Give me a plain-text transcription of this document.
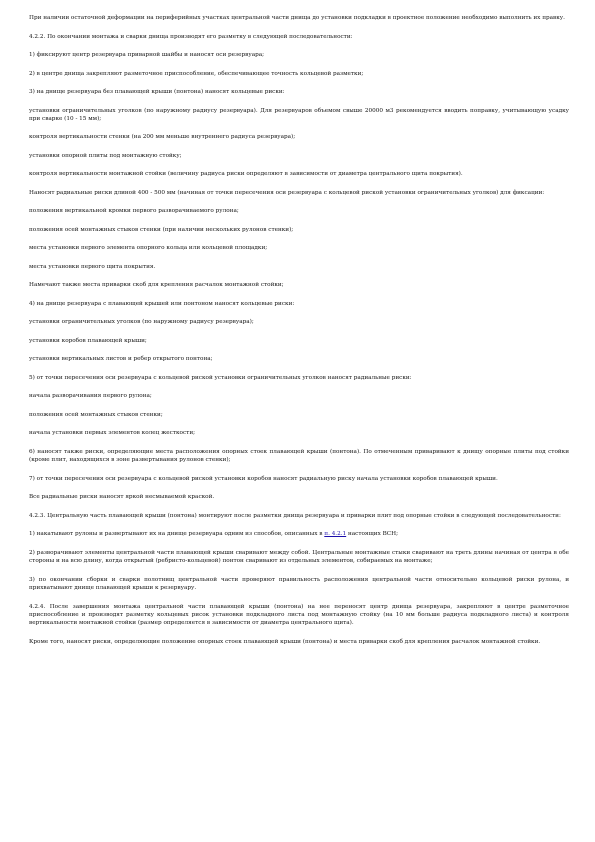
При наличии остаточной деформации на периферийных участках центральной части днища до установки подкладки в проектное положение необходимо выполнить их правку.

4.2.2. По окончании монтажа и сварки днища производят его разметку в следующей последовательности:

1) фиксируют центр резервуара приварной шайбы и наносят оси резервуара;

2) в центре днища закрепляют разметочное приспособление, обеспечивающее точность кольцевой разметки;

3) на днище резервуара без плавающей крыши (понтона) наносят кольцевые риски:

установки ограничительных уголков (по наружному радиусу резервуара). Для резервуаров объемом свыше 20000 м3 рекомендуется вводить поправку, учитывающую усадку при сварке (10 - 15 мм);

контроля вертикальности стенки (на 200 мм меньше внутреннего радиуса резервуара);

установки опорной плиты под монтажную стойку;

контроля вертикальности монтажной стойки (величину радиуса риски определяют в зависимости от диаметра центрального щита покрытия).

Наносят радиальные риски длиной 400 - 500 мм (начиная от точки пересечения оси резервуара с кольцевой риской установки ограничительных уголков) для фиксации:

положения вертикальной кромки первого разворачиваемого рулона;

положения осей монтажных стыков стенки (при наличии нескольких рулонов стенки);

места установки первого элемента опорного кольца или кольцевой площадки;

места установки первого щита покрытия.

Намечают также места приварки скоб для крепления расчалок монтажной стойки;

4) на днище резервуара с плавающей крышей или понтоном наносят кольцевые риски:

установки ограничительных уголков (по наружному радиусу резервуара);

установки коробов плавающей крыши;

установки вертикальных листов и ребер открытого понтона;

5) от точки пересечения оси резервуара с кольцевой риской установки ограничительных уголков наносят радиальные риски:

начала разворачивания первого рулона;

положения осей монтажных стыков стенки;

начала установки первых элементов колец жесткости;

6) наносят также риски, определяющие места расположения опорных стоек плавающей крыши (понтона). По отмеченным приваривают к днищу опорные плиты под стойки (кроме плит, находящихся в зоне развертывания рулонов стенки);

7) от точки пересечения оси резервуара с кольцевой риской установки коробов наносят радиальную риску начала установки коробов плавающей крыши.

Все радиальные риски наносят яркой несмываемой краской.

4.2.3. Центральную часть плавающей крыши (понтона) монтируют после разметки днища резервуара и приварки плит под опорные стойки в следующей последовательности:

1) накатывают рулоны и развертывают их на днище резервуара одним из способов, описанных в п. 4.2.1 настоящих ВСН;

2) разворачивают элементы центральной части плавающей крыши сваривают между собой. Центральные монтажные стыки сваривают на треть длины начиная от центра в обе стороны и на всю длину, когда открытый (ребристо-кольцевой) понтон сваривают из отдельных элементов, собираемых на монтаже;

3) по окончании сборки и сварки полотнищ центральной части проверяют правильность расположения центральной части относительно кольцевой риски рулона, и прихватывают днище плавающей крыши к резервуару.

4.2.4. После завершения монтажа центральной части плавающей крыши (понтона) на нее переносят центр днища резервуара, закрепляют в центре разметочное приспособление и производят разметку кольцевых рисок установки подкладного листа под монтажную стойку (на 10 мм больше радиуса подкладного листа) и контроля вертикальности монтажной стойки (размер определяется в зависимости от диаметра центрального щита).

Кроме того, наносят риски, определяющие положение опорных стоек плавающей крыши (понтона) и места приварки скоб для крепления расчалок монтажной стойки.
